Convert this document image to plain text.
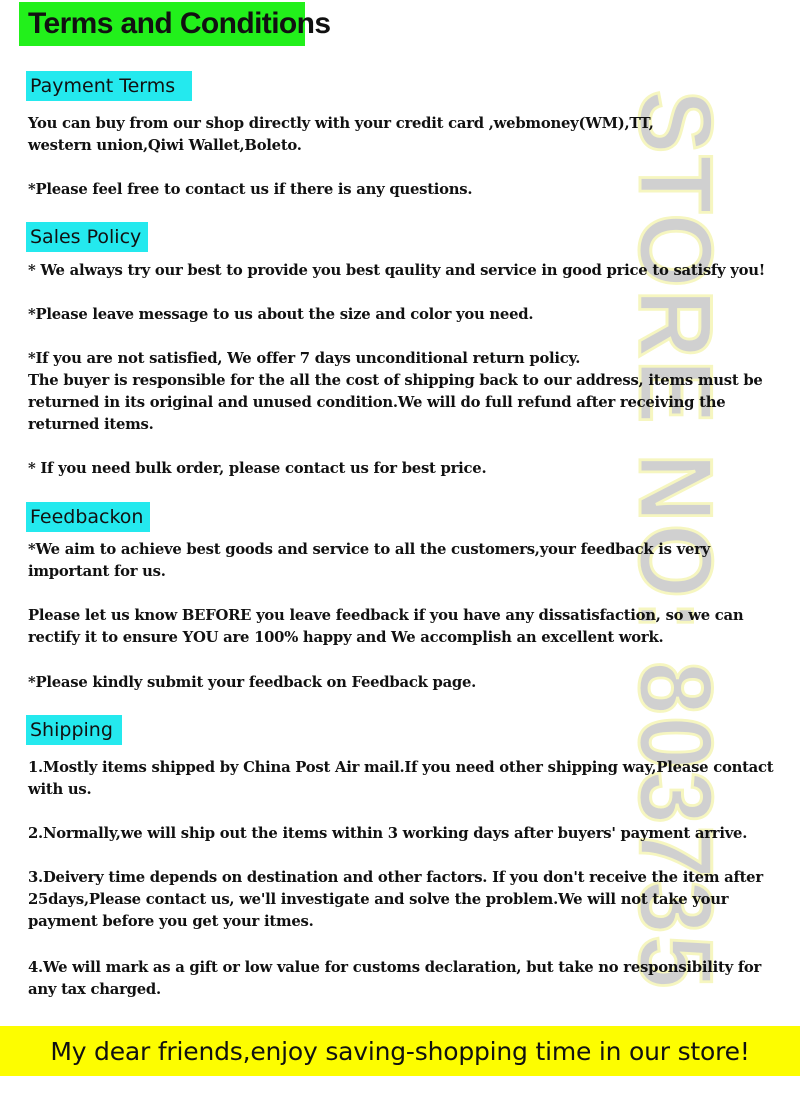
Terms and Conditions
STORE NO: 803735
Payment Terms

You can buy from our shop directly with your credit card ,webmoney(WM),TT,
western union,Qiwi Wallet,Boleto.

*Please feel free to contact us if there is any questions.

Sales Policy

* We always try our best to provide you best qaulity and service in good price to satisfy you!

*Please leave message to us about the size and color you need.

*If you are not satisfied, We offer 7 days unconditional return policy.
The buyer is responsible for the all the cost of shipping back to our address, items must be
returned in its original and unused condition.We will do full refund after receiving the
returned items.

* If you need bulk order, please contact us for best price.

Feedbackon

*We aim to achieve best goods and service to all the customers,your feedback is very
important for us.

Please let us know BEFORE you leave feedback if you have any dissatisfaction, so we can
rectify it to ensure YOU are 100% happy and We accomplish an excellent work.

*Please kindly submit your feedback on Feedback page.

Shipping

1.Mostly items shipped by China Post Air mail.If you need other shipping way,Please contact
with us.

2.Normally,we will ship out the items within 3 working days after buyers' payment arrive.

3.Deivery time depends on destination and other factors. If you don't receive the item after
25days,Please contact us, we'll investigate and solve the problem.We will not take your
payment before you get your itmes.

4.We will mark as a gift or low value for customs declaration, but take no responsibility for
any tax charged.

My dear friends,enjoy saving-shopping time in our store!
